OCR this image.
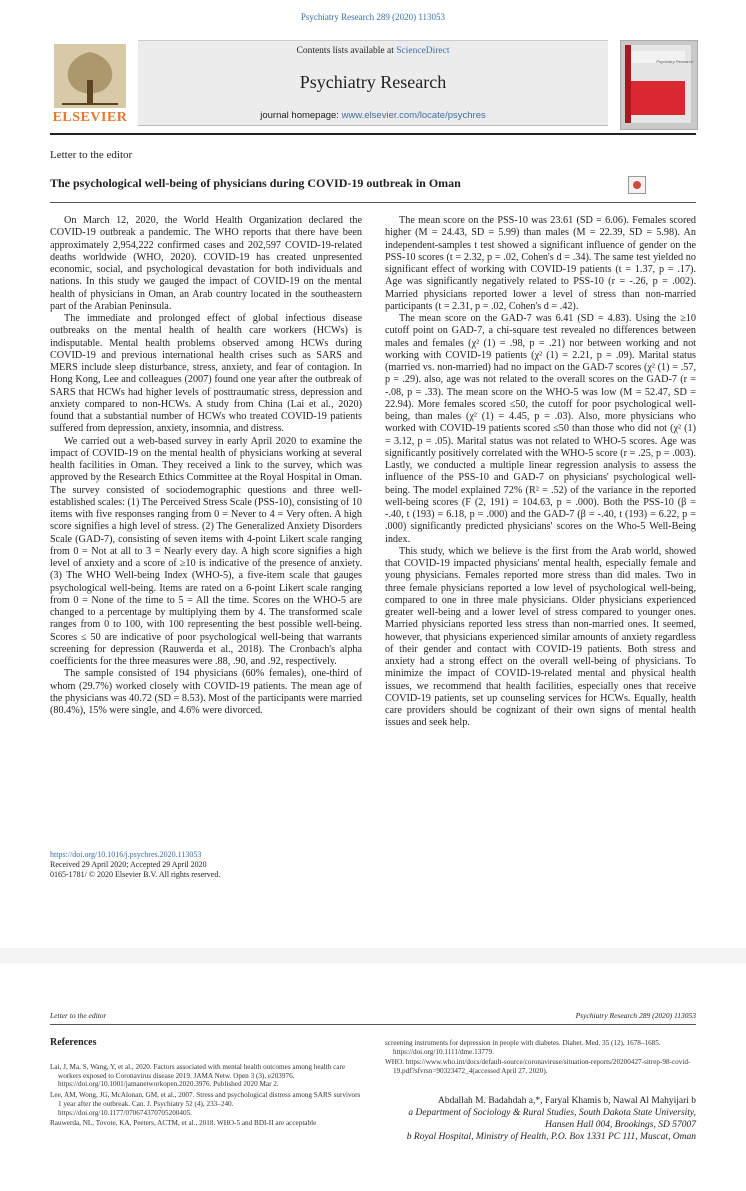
Psychiatry Research 289 (2020) 113053
ELSEVIER
Contents lists available at ScienceDirect
Psychiatry Research
journal homepage: www.elsevier.com/locate/psychres
Psychiatry Research
Letter to the editor
The psychological well-being of physicians during COVID-19 outbreak in Oman

On March 12, 2020, the World Health Organization declared the COVID-19 outbreak a pandemic. The WHO reports that there have been approximately 2,954,222 confirmed cases and 202,597 COVID-19-related deaths worldwide (WHO, 2020). COVID-19 has created unpresented economic, social, and psychological devastation for both individuals and nations. In this study we gauged the impact of COVID-19 on the mental health of physicians in Oman, an Arab country located in the southeastern part of the Arabian Peninsula.

The immediate and prolonged effect of global infectious disease outbreaks on the mental health of health care workers (HCWs) is indisputable. Mental health problems observed among HCWs during COVID-19 and previous international health crises such as SARS and MERS include sleep disturbance, stress, anxiety, and fear of contagion. In Hong Kong, Lee and colleagues (2007) found one year after the outbreak of SARS that HCWs had higher levels of posttraumatic stress, depression and anxiety compared to non-HCWs. A study from China (Lai et al., 2020) found that a substantial number of HCWs who treated COVID-19 patients suffered from depression, anxiety, insomnia, and distress.

We carried out a web-based survey in early April 2020 to examine the impact of COVID-19 on the mental health of physicians working at several health facilities in Oman. They received a link to the survey, which was approved by the Research Ethics Committee at the Royal Hospital in Oman. The survey consisted of sociodemographic questions and three well-established scales: (1) The Perceived Stress Scale (PSS-10), consisting of 10 items with five responses ranging from 0 = Never to 4 = Very often. A high score signifies a high level of stress. (2) The Generalized Anxiety Disorders Scale (GAD-7), consisting of seven items with 4-point Likert scale ranging from 0 = Not at all to 3 = Nearly every day. A high score signifies a high level of anxiety and a score of ≥10 is indicative of the presence of anxiety. (3) The WHO Well-being Index (WHO-5), a five-item scale that gauges psychological well-being. Items are rated on a 6-point Likert scale ranging from 0 = None of the time to 5 = All the time. Scores on the WHO-5 are changed to a percentage by multiplying them by 4. The transformed scale ranges from 0 to 100, with 100 representing the best possible well-being. Scores ≤ 50 are indicative of poor psychological well-being that warrants screening for depression (Rauwerda et al., 2018). The Cronbach's alpha coefficients for the three measures were .88, .90, and .92, respectively.

The sample consisted of 194 physicians (60% females), one-third of whom (29.7%) worked closely with COVID-19 patients. The mean age of the physicians was 40.72 (SD = 8.53). Most of the participants were married (80.4%), 15% were single, and 4.6% were divorced.

The mean score on the PSS-10 was 23.61 (SD = 6.06). Females scored higher (M = 24.43, SD = 5.99) than males (M = 22.39, SD = 5.98). An independent-samples t test showed a significant influence of gender on the PSS-10 scores (t = 2.32, p = .02, Cohen's d = .34). The same test yielded no significant effect of working with COVID-19 patients (t = 1.37, p = .17). Age was significantly negatively related to PSS-10 (r = -.26, p = .002). Married physicians reported lower a level of stress than non-married participants (t = 2.31, p = .02, Cohen's d = .42).

The mean score on the GAD-7 was 6.41 (SD = 4.83). Using the ≥10 cutoff point on GAD-7, a chi-square test revealed no differences between males and females (χ² (1) = .98, p = .21) nor between working and not working with COVID-19 patients (χ² (1) = 2.21, p = .09). Marital status (married vs. non-married) had no impact on the GAD-7 scores (χ² (1) = .57, p = .29). also, age was not related to the overall scores on the GAD-7 (r = -.08, p = .33). The mean score on the WHO-5 was low (M = 52.47, SD = 22.94). More females scored ≤50, the cutoff for poor psychological well-being, than males (χ² (1) = 4.45, p = .03). Also, more physicians who worked with COVID-19 patients scored ≤50 than those who did not (χ² (1) = 3.12, p = .05). Marital status was not related to WHO-5 scores. Age was significantly positively correlated with the WHO-5 score (r = .25, p = .003). Lastly, we conducted a multiple linear regression analysis to assess the influence of the PSS-10 and GAD-7 on physicians' psychological well-being. The model explained 72% (R² = .52) of the variance in the reported well-being scores (F (2, 191) = 104.63, p = .000). Both the PSS-10 (β = -.40, t (193) = 6.18, p = .000) and the GAD-7 (β = -.40, t (193) = 6.22, p = .000) significantly predicted physicians' scores on the Who-5 Well-Being index.

This study, which we believe is the first from the Arab world, showed that COVID-19 impacted physicians' mental health, especially female and young physicians. Females reported more stress than did males. Two in three female physicians reported a low level of psychological well-being, compared to one in three male physicians. Older physicians experienced greater well-being and a lower level of stress compared to younger ones. Married physicians reported less stress than non-married ones. It seemed, however, that physicians experienced similar amounts of anxiety regardless of their gender and contact with COVID-19 patients. Both stress and anxiety had a strong effect on the overall well-being of physicians. To minimize the impact of COVID-19-related mental and physical health issues, we recommend that health facilities, especially ones that receive COVID-19 patients, set up counseling services for HCWs. Equally, health care providers should be cognizant of their own signs of mental health issues and seek help.

https://doi.org/10.1016/j.psychres.2020.113053
Received 29 April 2020; Accepted 29 April 2020
0165-1781/ © 2020 Elsevier B.V. All rights reserved.
Letter to the editor	Psychiatry Research 289 (2020) 113053
References

Lai, J, Ma, S, Wang, Y, et al., 2020. Factors associated with mental health outcomes among health care workers exposed to Coronavirus disease 2019. JAMA Netw. Open 3 (3), e203976. https://doi.org/10.1001/jamanetworkopen.2020.3976. Published 2020 Mar 2.

Lee, AM, Wong, JG, McAlonan, GM, et al., 2007. Stress and psychological distress among SARS survivors 1 year after the outbreak. Can. J. Psychiatry 52 (4), 233–240. https://doi.org/10.1177/070674370705200405.

Rauwerda, NL, Tovote, KA, Peeters, ACTM, et al., 2018. WHO-5 and BDI-II are acceptable

screening instruments for depression in people with diabetes. Diabet. Med. 35 (12), 1678–1685. https://doi.org/10.1111/dme.13779.

WHO. https://www.who.int/docs/default-source/coronaviruse/situation-reports/20200427-sitrep-98-covid-19.pdf?sfvrsn=90323472_4(accessed April 27, 2020).

Abdallah M. Badahdah a,*, Faryal Khamis b, Nawal Al Mahyijari b
a Department of Sociology & Rural Studies, South Dakota State University, Hansen Hall 004, Brookings, SD 57007
b Royal Hospital, Ministry of Health, P.O. Box 1331 PC 111, Muscat, Oman
